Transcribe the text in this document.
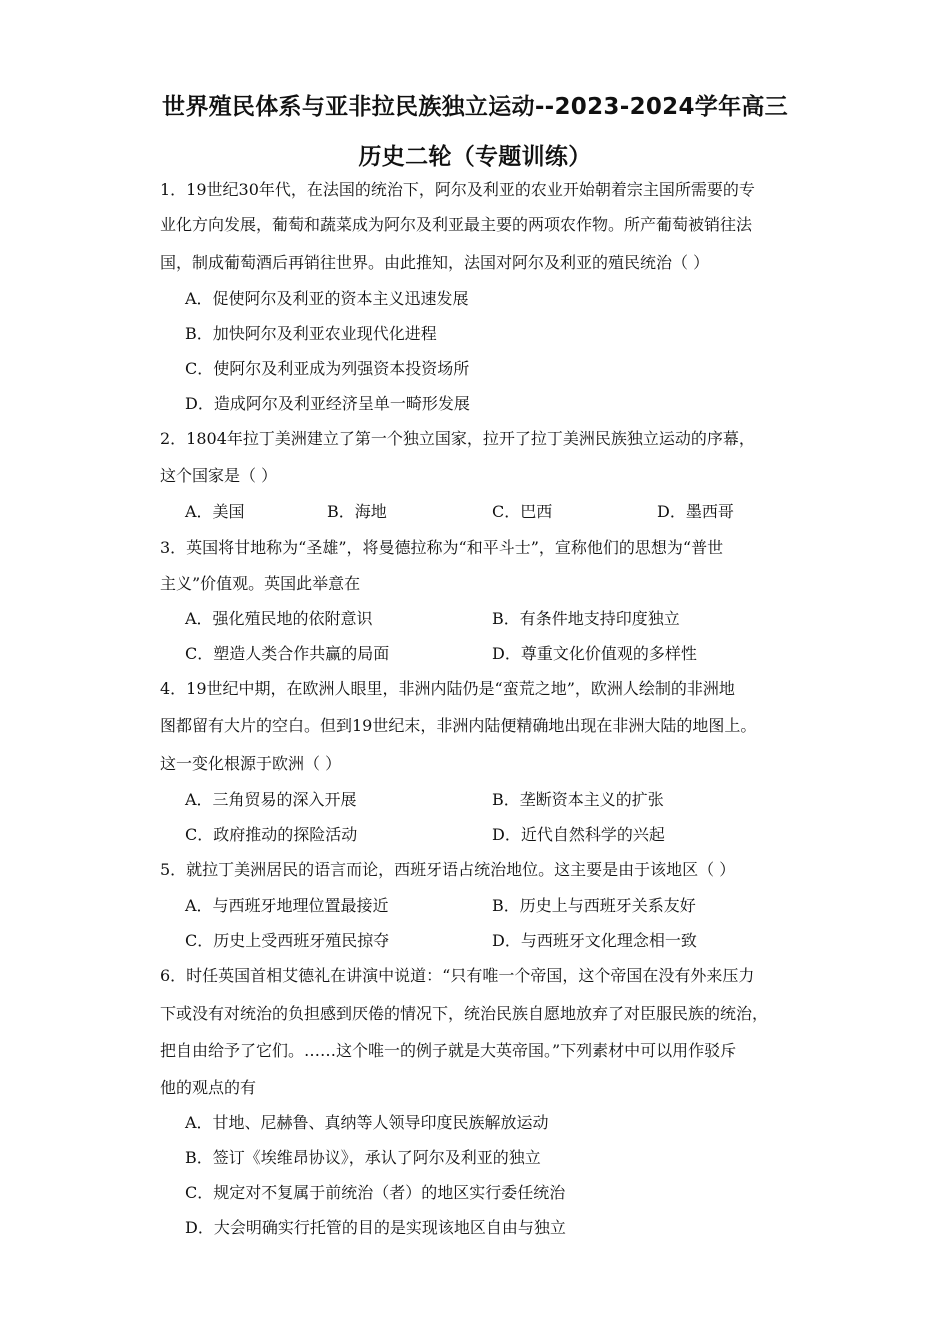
世界殖民体系与亚非拉民族独立运动--2023-2024学年高三
历史二轮（专题训练）
1．19世纪30年代，在法国的统治下，阿尔及利亚的农业开始朝着宗主国所需要的专
业化方向发展，葡萄和蔬菜成为阿尔及利亚最主要的两项农作物。所产葡萄被销往法
国，制成葡萄酒后再销往世界。由此推知，法国对阿尔及利亚的殖民统治（ ）
A．促使阿尔及利亚的资本主义迅速发展
B．加快阿尔及利亚农业现代化进程
C．使阿尔及利亚成为列强资本投资场所
D．造成阿尔及利亚经济呈单一畸形发展
2．1804年拉丁美洲建立了第一个独立国家，拉开了拉丁美洲民族独立运动的序幕，
这个国家是（ ）
A．美国	B．海地	C．巴西	D．墨西哥
3．英国将甘地称为“圣雄”，将曼德拉称为“和平斗士”，宣称他们的思想为“普世
主义”价值观。英国此举意在
A．强化殖民地的依附意识	B．有条件地支持印度独立
C．塑造人类合作共赢的局面	D．尊重文化价值观的多样性
4．19世纪中期，在欧洲人眼里，非洲内陆仍是“蛮荒之地”，欧洲人绘制的非洲地
图都留有大片的空白。但到19世纪末，非洲内陆便精确地出现在非洲大陆的地图上。
这一变化根源于欧洲（ ）
A．三角贸易的深入开展	B．垄断资本主义的扩张
C．政府推动的探险活动	D．近代自然科学的兴起
5．就拉丁美洲居民的语言而论，西班牙语占统治地位。这主要是由于该地区（ ）
A．与西班牙地理位置最接近	B．历史上与西班牙关系友好
C．历史上受西班牙殖民掠夺	D．与西班牙文化理念相一致
6．时任英国首相艾德礼在讲演中说道：“只有唯一个帝国，这个帝国在没有外来压力
下或没有对统治的负担感到厌倦的情况下，统治民族自愿地放弃了对臣服民族的统治，
把自由给予了它们。……这个唯一的例子就是大英帝国。”下列素材中可以用作驳斥
他的观点的有
A．甘地、尼赫鲁、真纳等人领导印度民族解放运动
B．签订《埃维昂协议》，承认了阿尔及利亚的独立
C．规定对不复属于前统治（者）的地区实行委任统治
D．大会明确实行托管的目的是实现该地区自由与独立
